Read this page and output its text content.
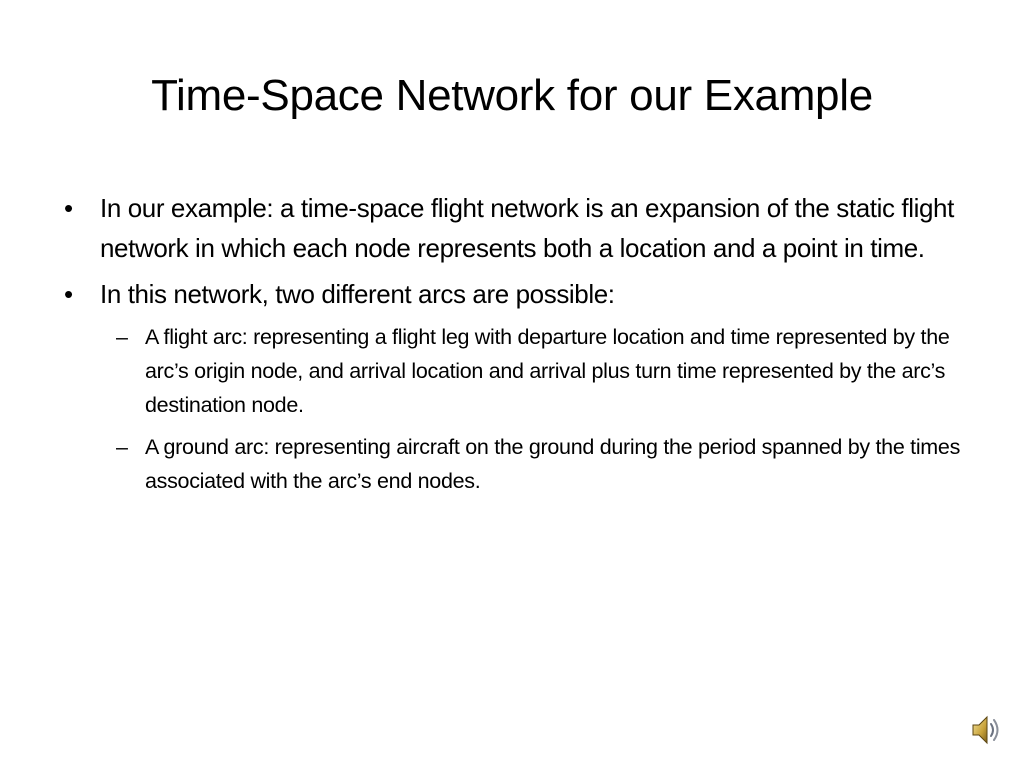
Time-Space Network for our Example
• In our example: a time-space flight network is an expansion of the static flight network in which each node represents both a location and a point in time.
• In this network, two different arcs are possible:
– A flight arc: representing a flight leg with departure location and time represented by the arc’s origin node, and arrival location and arrival plus turn time represented by the arc’s destination node.
– A ground arc: representing aircraft on the ground during the period spanned by the times associated with the arc’s end nodes.
